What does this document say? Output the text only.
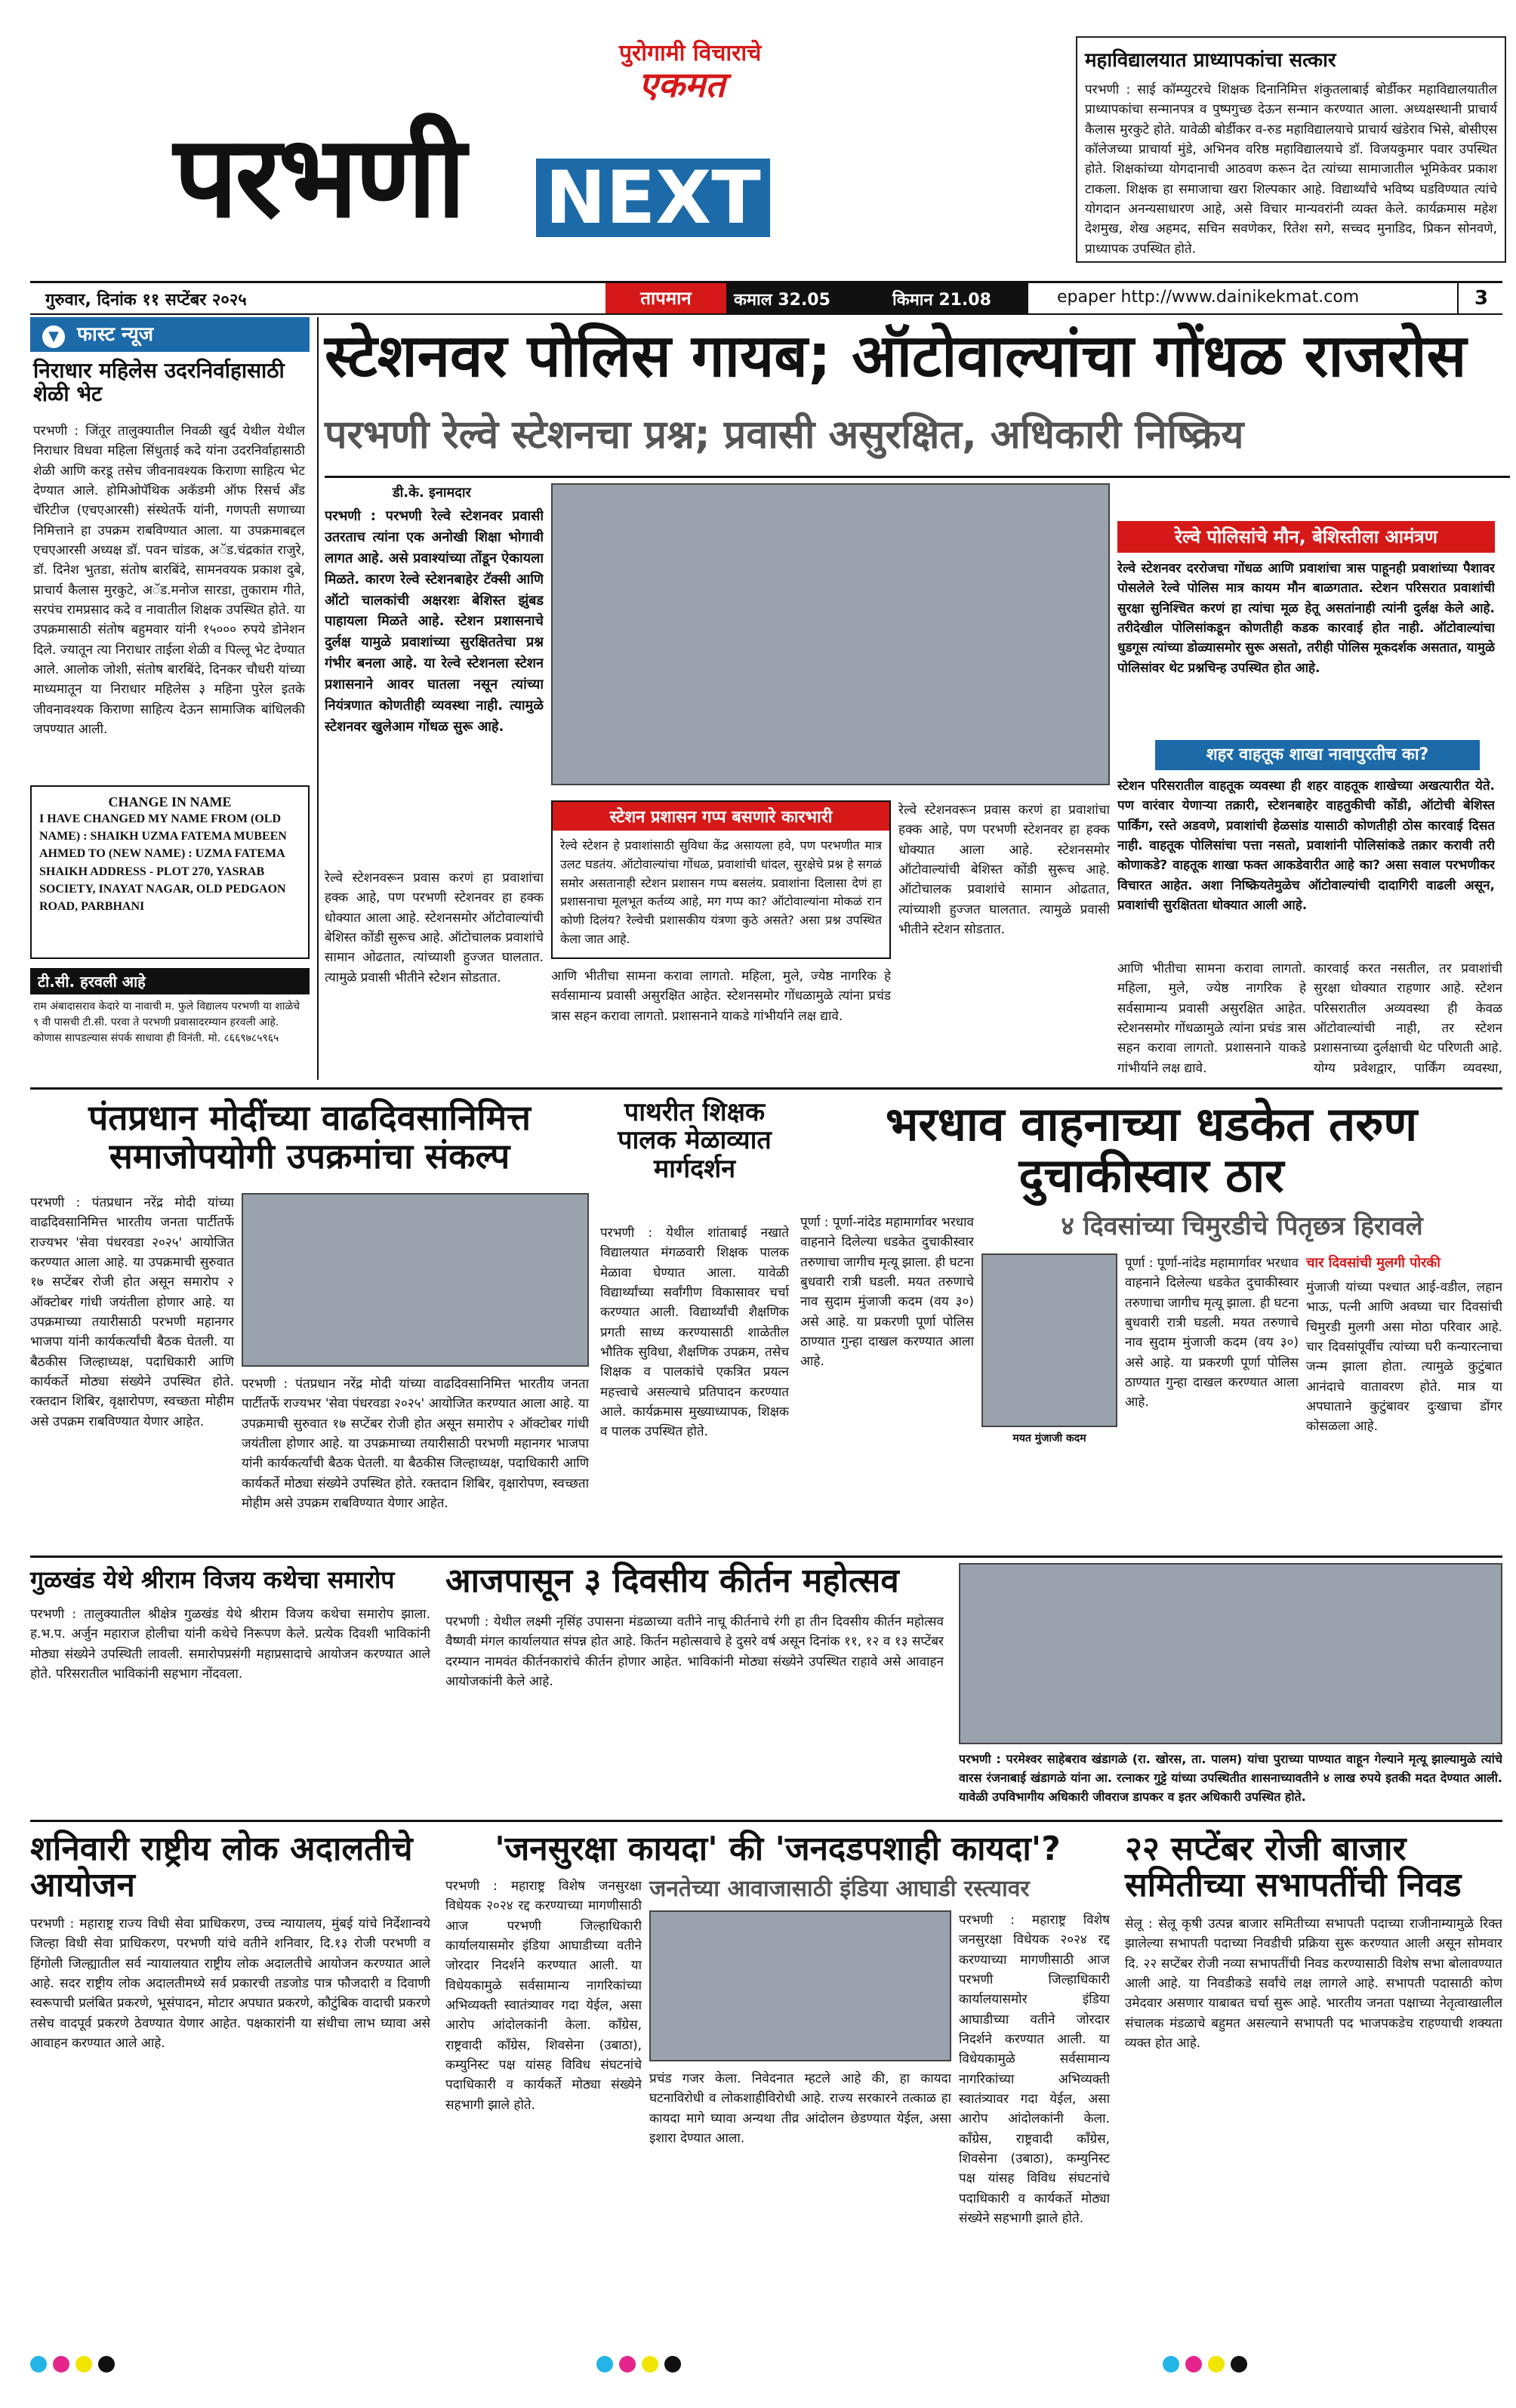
पुरोगामी विचाराचे
एकमत
परभणी NEXT
महाविद्यालयात प्राध्यापकांचा सत्कार

परभणी : साई कॉम्प्युटरचे शिक्षक दिनानिमित्त शंकुतलाबाई बोर्डीकर महाविद्यालयातील प्राध्यापकांचा सन्मानपत्र व पुष्पगुच्छ देऊन सन्मान करण्यात आला. अध्यक्षस्थानी प्राचार्य कैलास मुरकुटे होते. यावेळी बोर्डीकर व-रुड महाविद्यालयाचे प्राचार्य खंडेराव भिसे, बोसीएस कॉलेजच्या प्राचार्या मुंडे, अभिनव वरिष्ठ महाविद्यालयाचे डॉ. विजयकुमार पवार उपस्थित होते. शिक्षकांच्या योगदानाची आठवण करून देत त्यांच्या सामाजातील भूमिकेवर प्रकाश टाकला. शिक्षक हा समाजाचा खरा शिल्पकार आहे. विद्यार्थ्यांचे भविष्य घडविण्यात त्यांचे योगदान अनन्यसाधारण आहे, असे विचार मान्यवरांनी व्यक्त केले. कार्यक्रमास महेश देशमुख, शेख अहमद, सचिन सवणेकर, रितेश सगे, सच्चद मुनाडिद, प्रिकन सोनवणे, प्राध्यापक उपस्थित होते.

गुरुवार, दिनांक ११ सप्टेंबर २०२५	तापमान	कमाल 32.05	किमान 21.08	epaper http://www.dainikekmat.com	3
▼ फास्ट न्यूज
निराधार महिलेस उदरनिर्वाहासाठी शेळी भेट
परभणी : जिंतूर तालुक्यातील निवळी खुर्द येथील येथील निराधार विधवा महिला सिंधुताई कदेे यांना उदरनिर्वाहासाठी शेळी आणि करडू तसेच जीवनावश्यक किराणा साहित्य भेट देण्यात आले. होमिओपॅथिक अकॅडमी ऑफ रिसर्च अँड चॅरिटीज (एचएआरसी) संस्थेतर्फे यांनी, गणपती सणाच्या निमित्ताने हा उपक्रम राबविण्यात आला. या उपक्रमाबद्दल एचएआरसी अध्यक्ष डॉ. पवन चांडक, अॅड.चंद्रकांत राजुरे, डॉ. दिनेश भुतडा, संतोष बारबिंदे, सामनवयक प्रकाश दुबे, प्राचार्य कैलास मुरकुटे, अॅड.मनोज सारडा, तुकाराम गीते, सरपंच रामप्रसाद कदेे व नावातील शिक्षक उपस्थित होते. या उपक्रमासाठी संतोष बहुमवार यांनी १५००० रुपये डोनेशन दिले. ज्यातून त्या निराधार ताईला शेळी व पिल्लू भेट देण्यात आले. आलोक जोशी, संतोष बारबिंदे, दिनकर चौधरी यांच्या माध्यमातून या निराधार महिलेस ३ महिना पुरेल इतके जीवनावश्यक किराणा साहित्य देऊन सामाजिक बांधिलकी जपण्यात आली.
CHANGE IN NAME
I HAVE CHANGED MY NAME FROM (OLD NAME) : SHAIKH UZMA FATEMA MUBEEN AHMED TO (NEW NAME) : UZMA FATEMA SHAIKH ADDRESS - PLOT 270, YASRAB SOCIETY, INAYAT NAGAR, OLD PEDGAON ROAD, PARBHANI
टी.सी. हरवली आहे
राम अंबादासराव केदारे या नावाची म. फुले विद्यालय परभणी या शाळेचे ९ वी पासची टी.सी. परवा ते परभणी प्रवासादरम्यान हरवली आहे. कोणास सापडल्यास संपर्क साधावा ही विनंती. मो. ८६६९७८५९६५
स्टेशनवर पोलिस गायब; ऑटोवाल्यांचा गोंधळ राजरोस
परभणी रेल्वे स्टेशनचा प्रश्न; प्रवासी असुरक्षित, अधिकारी निष्क्रिय
डी.के. इनामदार
परभणी : परभणी रेल्वे स्टेशनवर प्रवासी उतरताच त्यांना एक अनोखी शिक्षा भोगावी लागत आहे. असे प्रवाश्यांच्या तोंडून ऐकायला मिळते. कारण रेल्वे स्टेशनबाहेर टॅक्सी आणि ऑटो चालकांची अक्षरशः बेशिस्त झुंबड पाहायला मिळते आहे. स्टेशन प्रशासनाचे दुर्लक्ष यामुळे प्रवाशांच्या सुरक्षिततेचा प्रश्न गंभीर बनला आहे. या रेल्वे स्टेशनला स्टेशन प्रशासनाने आवर घातला नसून त्यांच्या नियंत्रणात कोणतीही व्यवस्था नाही. त्यामुळे स्टेशनवर खुलेआम गोंधळ सुरू आहे.
रेल्वे पोलिसांचे मौन, बेशिस्तीला आमंत्रण
रेल्वे स्टेशनवर दररोजचा गोंधळ आणि प्रवाशांचा त्रास पाहूनही प्रवाशांच्या पैशावर पोसलेले रेल्वे पोलिस मात्र कायम मौन बाळगतात. स्टेशन परिसरात प्रवाशांची सुरक्षा सुनिश्चित करणं हा त्यांचा मूळ हेतू असतांनाही त्यांनी दुर्लक्ष केले आहे. तरीदेखील पोलिसांकडून कोणतीही कडक कारवाई होत नाही. ऑटोवाल्यांचा धुडगूस त्यांच्या डोळ्यासमोर सुरू असतो, तरीही पोलिस मूकदर्शक असतात, यामुळे पोलिसांवर थेट प्रश्नचिन्ह उपस्थित होत आहे.
शहर वाहतूक शाखा नावापुरतीच का?
स्टेशन परिसरातील वाहतूक व्यवस्था ही शहर वाहतूक शाखेच्या अखत्यारीत येते. पण वारंवार येणाऱ्या तक्रारी, स्टेशनबाहेर वाहतुकीची कोंडी, ऑटोची बेशिस्त पार्किंग, रस्ते अडवणे, प्रवाशांची हेळसांड यासाठी कोणतीही ठोस कारवाई दिसत नाही. वाहतूक पोलिसांचा पत्ता नसतो, प्रवाशांनी पोलिसांकडे तक्रार करावी तरी कोणाकडे? वाहतूक शाखा फक्त आकडेवारीत आहे का? असा सवाल परभणीकर विचारत आहेत. अशा निष्क्रियतेमुळेच ऑटोवाल्यांची दादागिरी वाढली असून, प्रवाशांची सुरक्षितता धोक्यात आली आहे.
स्टेशन प्रशासन गप्प बसणारे कारभारी
रेल्वे स्टेशन हे प्रवाशांसाठी सुविधा केंद्र असायला हवे, पण परभणीत मात्र उलट घडतंय. ऑटोवाल्यांचा गोंधळ, प्रवाशांची धांदल, सुरक्षेचे प्रश्न हे सगळं समोर असतानाही स्टेशन प्रशासन गप्प बसलंय. प्रवाशांना दिलासा देणं हा प्रशासनाचा मूलभूत कर्तव्य आहे, मग गप्प का? ऑटोवाल्यांना मोकळं रान कोणी दिलंय? रेल्वेची प्रशासकीय यंत्रणा कुठे असते? असा प्रश्न उपस्थित केला जात आहे.
रेल्वे स्टेशनवरून प्रवास करणं हा प्रवाशांचा हक्क आहे, पण परभणी स्टेशनवर हा हक्क धोक्यात आला आहे. स्टेशनसमोर ऑटोवाल्यांची बेशिस्त कोंडी सुरूच आहे. ऑटोचालक प्रवाशांचे सामान ओढतात, त्यांच्याशी हुज्जत घालतात. त्यामुळे प्रवासी भीतीने स्टेशन सोडतात.
आणि भीतीचा सामना करावा लागतो. महिला, मुले, ज्येष्ठ नागरिक हे सर्वसामान्य प्रवासी असुरक्षित आहेत. स्टेशनसमोर गोंधळामुळे त्यांना प्रचंड त्रास सहन करावा लागतो. प्रशासनाने याकडे गांभीर्याने लक्ष द्यावे.
कारवाई करत नसतील, तर प्रवाशांची सुरक्षा धोक्यात राहणार आहे. स्टेशन परिसरातील अव्यवस्था ही केवळ ऑटोवाल्यांची नाही, तर स्टेशन प्रशासनाच्या दुर्लक्षाची थेट परिणती आहे. योग्य प्रवेशद्वार, पार्किंग व्यवस्था,
रेल्वे स्टेशनवरून प्रवास करणं हा प्रवाशांचा हक्क आहे, पण परभणी स्टेशनवर हा हक्क धोक्यात आला आहे. स्टेशनसमोर ऑटोवाल्यांची बेशिस्त कोंडी सुरूच आहे. ऑटोचालक प्रवाशांचे सामान ओढतात, त्यांच्याशी हुज्जत घालतात. त्यामुळे प्रवासी भीतीने स्टेशन सोडतात.	आणि भीतीचा सामना करावा लागतो. महिला, मुले, ज्येष्ठ नागरिक हे सर्वसामान्य प्रवासी असुरक्षित आहेत. स्टेशनसमोर गोंधळामुळे त्यांना प्रचंड त्रास सहन करावा लागतो. प्रशासनाने याकडे गांभीर्याने लक्ष द्यावे.
पंतप्रधान मोदींच्या वाढदिवसानिमित्त समाजोपयोगी उपक्रमांचा संकल्प
परभणी : पंतप्रधान नरेंद्र मोदी यांच्या वाढदिवसानिमित्त भारतीय जनता पार्टीतर्फे राज्यभर 'सेवा पंधरवडा २०२५' आयोजित करण्यात आला आहे. या उपक्रमाची सुरुवात १७ सप्टेंबर रोजी होत असून समारोप २ ऑक्टोबर गांधी जयंतीला होणार आहे. या उपक्रमाच्या तयारीसाठी परभणी महानगर भाजपा यांनी कार्यकर्त्यांची बैठक घेतली. या बैठकीस जिल्हाध्यक्ष, पदाधिकारी आणि कार्यकर्ते मोठ्या संख्येने उपस्थित होते. रक्तदान शिबिर, वृक्षारोपण, स्वच्छता मोहीम असे उपक्रम राबविण्यात येणार आहेत.
परभणी : पंतप्रधान नरेंद्र मोदी यांच्या वाढदिवसानिमित्त भारतीय जनता पार्टीतर्फे राज्यभर 'सेवा पंधरवडा २०२५' आयोजित करण्यात आला आहे. या उपक्रमाची सुरुवात १७ सप्टेंबर रोजी होत असून समारोप २ ऑक्टोबर गांधी जयंतीला होणार आहे. या उपक्रमाच्या तयारीसाठी परभणी महानगर भाजपा यांनी कार्यकर्त्यांची बैठक घेतली. या बैठकीस जिल्हाध्यक्ष, पदाधिकारी आणि कार्यकर्ते मोठ्या संख्येने उपस्थित होते. रक्तदान शिबिर, वृक्षारोपण, स्वच्छता मोहीम असे उपक्रम राबविण्यात येणार आहेत.
पाथरीत शिक्षक पालक मेळाव्यात मार्गदर्शन
परभणी : येथील शांताबाई नखाते विद्यालयात मंगळवारी शिक्षक पालक मेळावा घेण्यात आला. यावेळी विद्यार्थ्यांच्या सर्वांगीण विकासावर चर्चा करण्यात आली. विद्यार्थ्यांची शैक्षणिक प्रगती साध्य करण्यासाठी शाळेतील भौतिक सुविधा, शैक्षणिक उपक्रम, तसेच शिक्षक व पालकांचे एकत्रित प्रयत्न महत्त्वाचे असल्याचे प्रतिपादन करण्यात आले. कार्यक्रमास मुख्याध्यापक, शिक्षक व पालक उपस्थित होते.
भरधाव वाहनाच्या धडकेत तरुण दुचाकीस्वार ठार
४ दिवसांच्या चिमुरडीचे पितृछत्र हिरावले
पूर्णा : पूर्णा-नांदेड महामार्गावर भरधाव वाहनाने दिलेल्या धडकेत दुचाकीस्वार तरुणाचा जागीच मृत्यू झाला. ही घटना बुधवारी रात्री घडली. मयत तरुणाचे नाव सुदाम मुंजाजी कदम (वय ३०) असे आहे. या प्रकरणी पूर्णा पोलिस ठाण्यात गुन्हा दाखल करण्यात आला आहे.
मयत मुंजाजी कदम
पूर्णा : पूर्णा-नांदेड महामार्गावर भरधाव वाहनाने दिलेल्या धडकेत दुचाकीस्वार तरुणाचा जागीच मृत्यू झाला. ही घटना बुधवारी रात्री घडली. मयत तरुणाचे नाव सुदाम मुंजाजी कदम (वय ३०) असे आहे. या प्रकरणी पूर्णा पोलिस ठाण्यात गुन्हा दाखल करण्यात आला आहे.
चार दिवसांची मुलगी पोरकी
मुंजाजी यांच्या पश्चात आई-वडील, लहान भाऊ, पत्नी आणि अवघ्या चार दिवसांची चिमुरडी मुलगी असा मोठा परिवार आहे. चार दिवसांपूर्वीच त्यांच्या घरी कन्यारत्नाचा जन्म झाला होता. त्यामुळे कुटुंबात आनंदाचे वातावरण होते. मात्र या अपघाताने कुटुंबावर दुःखाचा डोंगर कोसळला आहे.
गुळखंड येथे श्रीराम विजय कथेचा समारोप
परभणी : तालुक्यातील श्रीक्षेत्र गुळखंड येथे श्रीराम विजय कथेचा समारोप झाला. ह.भ.प. अर्जुन महाराज होलीचा यांनी कथेचे निरूपण केले. प्रत्येक दिवशी भाविकांनी मोठ्या संख्येने उपस्थिती लावली. समारोपप्रसंगी महाप्रसादाचे आयोजन करण्यात आले होते. परिसरातील भाविकांनी सहभाग नोंदवला.
आजपासून ३ दिवसीय कीर्तन महोत्सव
परभणी : येथील लक्ष्मी नृसिंह उपासना मंडळाच्या वतीने नाचू कीर्तनाचे रंगी हा तीन दिवसीय कीर्तन महोत्सव वैष्णवी मंगल कार्यालयात संपन्न होत आहे. किर्तन महोत्सवाचे हे दुसरे वर्ष असून दिनांक ११, १२ व १३ सप्टेंबर दरम्यान नामवंत कीर्तनकारांचे कीर्तन होणार आहेत. भाविकांनी मोठ्या संख्येने उपस्थित राहावे असे आवाहन आयोजकांनी केले आहे.
परभणी : परमेश्वर साहेबराव खंडागळे (रा. खोरस, ता. पालम) यांचा पुराच्या पाण्यात वाहून गेल्याने मृत्यू झाल्यामुळे त्यांचे वारस रंजनाबाई खंडागळे यांना आ. रत्नाकर गुट्टे यांच्या उपस्थितीत शासनाच्यावतीने ४ लाख रुपये इतकी मदत देण्यात आली. यावेळी उपविभागीय अधिकारी जीवराज डापकर व इतर अधिकारी उपस्थित होते.
शनिवारी राष्ट्रीय लोक अदालतीचे आयोजन
परभणी : महाराष्ट्र राज्य विधी सेवा प्राधिकरण, उच्च न्यायालय, मुंबई यांचे निर्देशान्वये जिल्हा विधी सेवा प्राधिकरण, परभणी यांचे वतीने शनिवार, दि.१३ रोजी परभणी व हिंगोली जिल्ह्यातील सर्व न्यायालयात राष्ट्रीय लोक अदालतीचे आयोजन करण्यात आले आहे. सदर राष्ट्रीय लोक अदालतीमध्ये सर्व प्रकारची तडजोड पात्र फौजदारी व दिवाणी स्वरूपाची प्रलंबित प्रकरणे, भूसंपादन, मोटार अपघात प्रकरणे, कौटुंबिक वादाची प्रकरणे तसेच वादपूर्व प्रकरणे ठेवण्यात येणार आहेत. पक्षकारांनी या संधीचा लाभ घ्यावा असे आवाहन करण्यात आले आहे.
'जनसुरक्षा कायदा' की 'जनदडपशाही कायदा'?
जनतेच्या आवाजासाठी इंडिया आघाडी रस्त्यावर
परभणी : महाराष्ट्र विशेष जनसुरक्षा विधेयक २०२४ रद्द करण्याच्या मागणीसाठी आज परभणी जिल्हाधिकारी कार्यालयासमोर इंडिया आघाडीच्या वतीने जोरदार निदर्शने करण्यात आली. या विधेयकामुळे सर्वसामान्य नागरिकांच्या अभिव्यक्ती स्वातंत्र्यावर गदा येईल, असा आरोप आंदोलकांनी केला. काँग्रेस, राष्ट्रवादी काँग्रेस, शिवसेना (उबाठा), कम्युनिस्ट पक्ष यांसह विविध संघटनांचे पदाधिकारी व कार्यकर्ते मोठ्या संख्येने सहभागी झाले होते.
प्रचंड गजर केला. निवेदनात म्हटले आहे की, हा कायदा घटनाविरोधी व लोकशाहीविरोधी आहे. राज्य सरकारने तत्काळ हा कायदा मागे घ्यावा अन्यथा तीव्र आंदोलन छेडण्यात येईल, असा इशारा देण्यात आला.
परभणी : महाराष्ट्र विशेष जनसुरक्षा विधेयक २०२४ रद्द करण्याच्या मागणीसाठी आज परभणी जिल्हाधिकारी कार्यालयासमोर इंडिया आघाडीच्या वतीने जोरदार निदर्शने करण्यात आली. या विधेयकामुळे सर्वसामान्य नागरिकांच्या अभिव्यक्ती स्वातंत्र्यावर गदा येईल, असा आरोप आंदोलकांनी केला. काँग्रेस, राष्ट्रवादी काँग्रेस, शिवसेना (उबाठा), कम्युनिस्ट पक्ष यांसह विविध संघटनांचे पदाधिकारी व कार्यकर्ते मोठ्या संख्येने सहभागी झाले होते.
२२ सप्टेंबर रोजी बाजार समितीच्या सभापतींची निवड
सेलू : सेलू कृषी उत्पन्न बाजार समितीच्या सभापती पदाच्या राजीनाम्यामुळे रिक्त झालेल्या सभापती पदाच्या निवडीची प्रक्रिया सुरू करण्यात आली असून सोमवार दि. २२ सप्टेंबर रोजी नव्या सभापतींची निवड करण्यासाठी विशेष सभा बोलावण्यात आली आहे. या निवडीकडे सर्वांचे लक्ष लागले आहे. सभापती पदासाठी कोण उमेदवार असणार याबाबत चर्चा सुरू आहे. भारतीय जनता पक्षाच्या नेतृत्वाखालील संचालक मंडळाचे बहुमत असल्याने सभापती पद भाजपकडेच राहण्याची शक्यता व्यक्त होत आहे.
